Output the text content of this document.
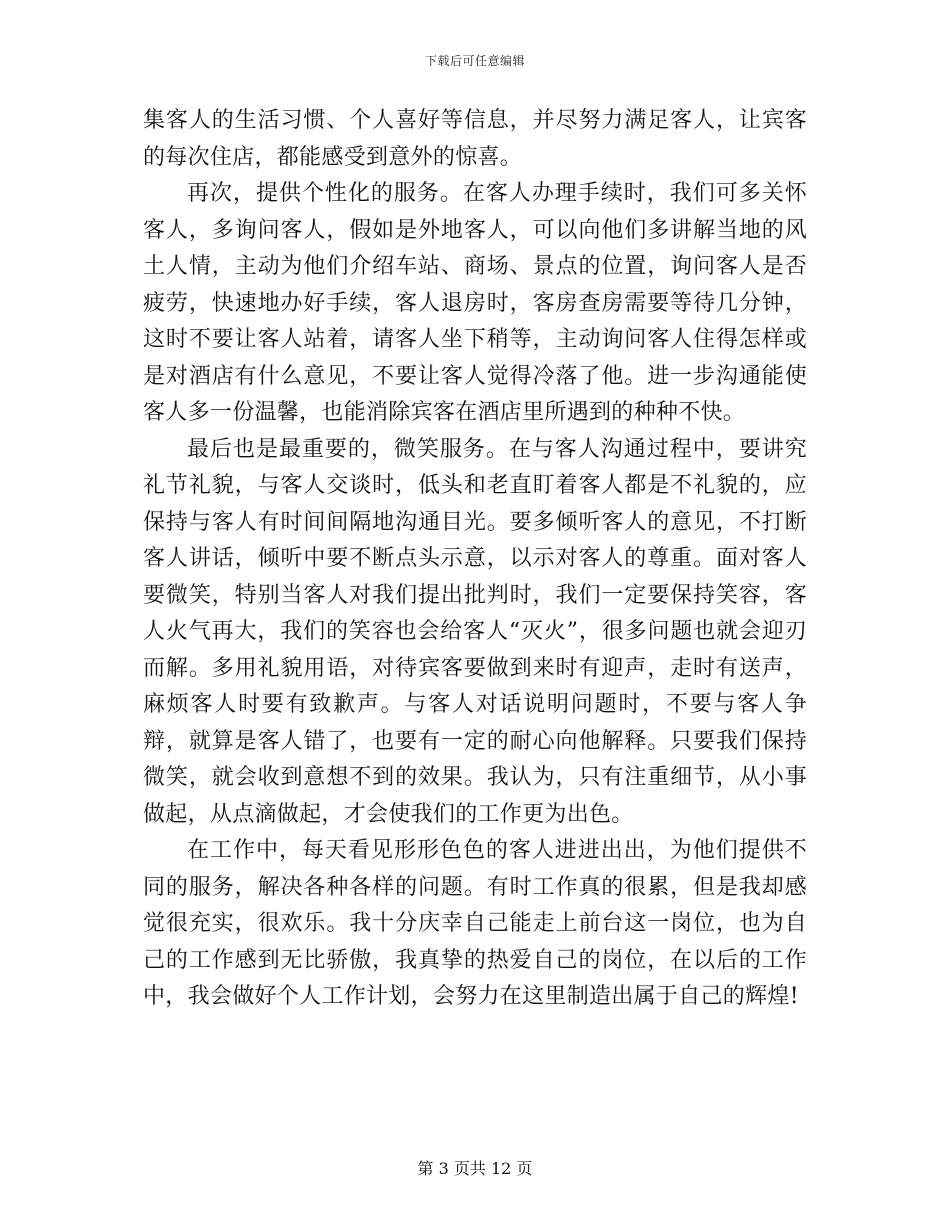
下载后可任意编辑

集客人的生活习惯、个人喜好等信息，并尽努力满足客人，让宾客的每次住店，都能感受到意外的惊喜。

再次，提供个性化的服务。在客人办理手续时，我们可多关怀客人，多询问客人，假如是外地客人，可以向他们多讲解当地的风土人情，主动为他们介绍车站、商场、景点的位置，询问客人是否疲劳，快速地办好手续，客人退房时，客房查房需要等待几分钟，这时不要让客人站着，请客人坐下稍等，主动询问客人住得怎样或是对酒店有什么意见，不要让客人觉得冷落了他。进一步沟通能使客人多一份温馨，也能消除宾客在酒店里所遇到的种种不快。

最后也是最重要的，微笑服务。在与客人沟通过程中，要讲究礼节礼貌，与客人交谈时，低头和老直盯着客人都是不礼貌的，应保持与客人有时间间隔地沟通目光。要多倾听客人的意见，不打断客人讲话，倾听中要不断点头示意，以示对客人的尊重。面对客人要微笑，特别当客人对我们提出批判时，我们一定要保持笑容，客人火气再大，我们的笑容也会给客人“灭火”，很多问题也就会迎刃而解。多用礼貌用语，对待宾客要做到来时有迎声，走时有送声，麻烦客人时要有致歉声。与客人对话说明问题时，不要与客人争辩，就算是客人错了，也要有一定的耐心向他解释。只要我们保持微笑，就会收到意想不到的效果。我认为，只有注重细节，从小事做起，从点滴做起，才会使我们的工作更为出色。

在工作中，每天看见形形色色的客人进进出出，为他们提供不同的服务，解决各种各样的问题。有时工作真的很累，但是我却感觉很充实，很欢乐。我十分庆幸自己能走上前台这一岗位，也为自己的工作感到无比骄傲，我真挚的热爱自己的岗位，在以后的工作中，我会做好个人工作计划，会努力在这里制造出属于自己的辉煌!

第 3 页共 12 页
